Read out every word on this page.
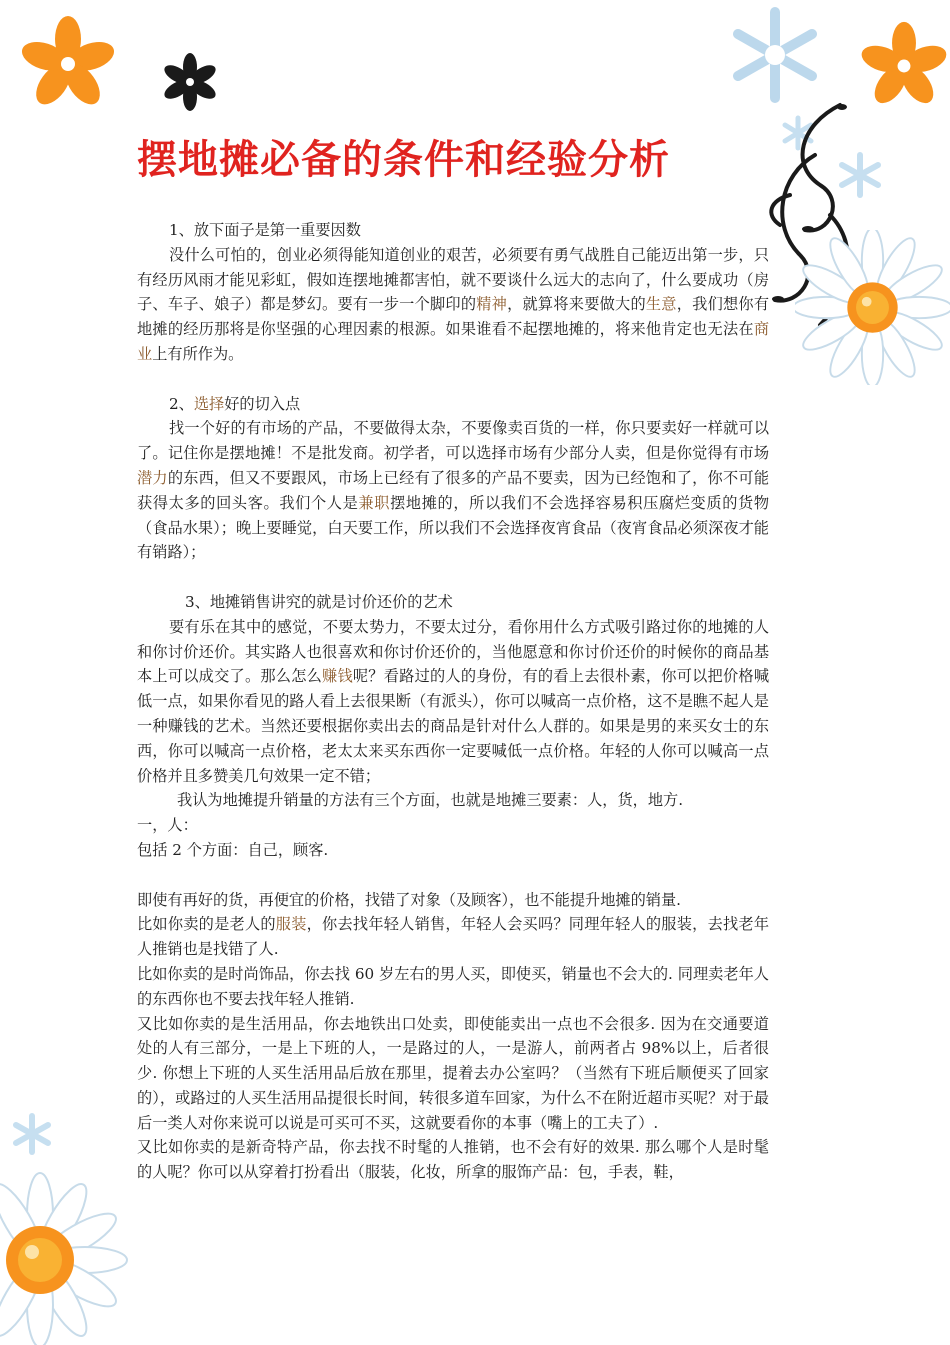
摆地摊必备的条件和经验分析

1、放下面子是第一重要因数

没什么可怕的，创业必须得能知道创业的艰苦，必须要有勇气战胜自己能迈出第一步，只有经历风雨才能见彩虹，假如连摆地摊都害怕，就不要谈什么远大的志向了，什么要成功（房子、车子、娘子）都是梦幻。要有一步一个脚印的精神，就算将来要做大的生意，我们想你有地摊的经历那将是你坚强的心理因素的根源。如果谁看不起摆地摊的，将来他肯定也无法在商业上有所作为。

2、选择好的切入点

找一个好的有市场的产品，不要做得太杂，不要像卖百货的一样，你只要卖好一样就可以了。记住你是摆地摊！不是批发商。初学者，可以选择市场有少部分人卖，但是你觉得有市场潜力的东西，但又不要跟风，市场上已经有了很多的产品不要卖，因为已经饱和了，你不可能获得太多的回头客。我们个人是兼职摆地摊的，所以我们不会选择容易积压腐烂变质的货物（食品水果）；晚上要睡觉，白天要工作，所以我们不会选择夜宵食品（夜宵食品必须深夜才能有销路）；

3、地摊销售讲究的就是讨价还价的艺术

要有乐在其中的感觉，不要太势力，不要太过分，看你用什么方式吸引路过你的地摊的人和你讨价还价。其实路人也很喜欢和你讨价还价的，当他愿意和你讨价还价的时候你的商品基本上可以成交了。那么怎么赚钱呢？看路过的人的身份，有的看上去很朴素，你可以把价格喊低一点，如果你看见的路人看上去很果断（有派头），你可以喊高一点价格，这不是瞧不起人是一种赚钱的艺术。当然还要根据你卖出去的商品是针对什么人群的。如果是男的来买女士的东西，你可以喊高一点价格，老太太来买东西你一定要喊低一点价格。年轻的人你可以喊高一点价格并且多赞美几句效果一定不错；

我认为地摊提升销量的方法有三个方面，也就是地摊三要素：人，货，地方.

一，人：

包括 2 个方面：自己，顾客.

即使有再好的货，再便宜的价格，找错了对象（及顾客），也不能提升地摊的销量.

比如你卖的是老人的服装，你去找年轻人销售，年轻人会买吗？同理年轻人的服装，去找老年人推销也是找错了人.

比如你卖的是时尚饰品，你去找 60 岁左右的男人买，即使买，销量也不会大的. 同理卖老年人的东西你也不要去找年轻人推销.

又比如你卖的是生活用品，你去地铁出口处卖，即使能卖出一点也不会很多. 因为在交通要道处的人有三部分，一是上下班的人，一是路过的人，一是游人，前两者占 98%以上，后者很少. 你想上下班的人买生活用品后放在那里，提着去办公室吗？（当然有下班后顺便买了回家的），或路过的人买生活用品提很长时间，转很多道车回家，为什么不在附近超市买呢？对于最后一类人对你来说可以说是可买可不买，这就要看你的本事（嘴上的工夫了）.

又比如你卖的是新奇特产品，你去找不时髦的人推销，也不会有好的效果. 那么哪个人是时髦的人呢？你可以从穿着打扮看出（服装，化妆，所拿的服饰产品：包，手表，鞋，
